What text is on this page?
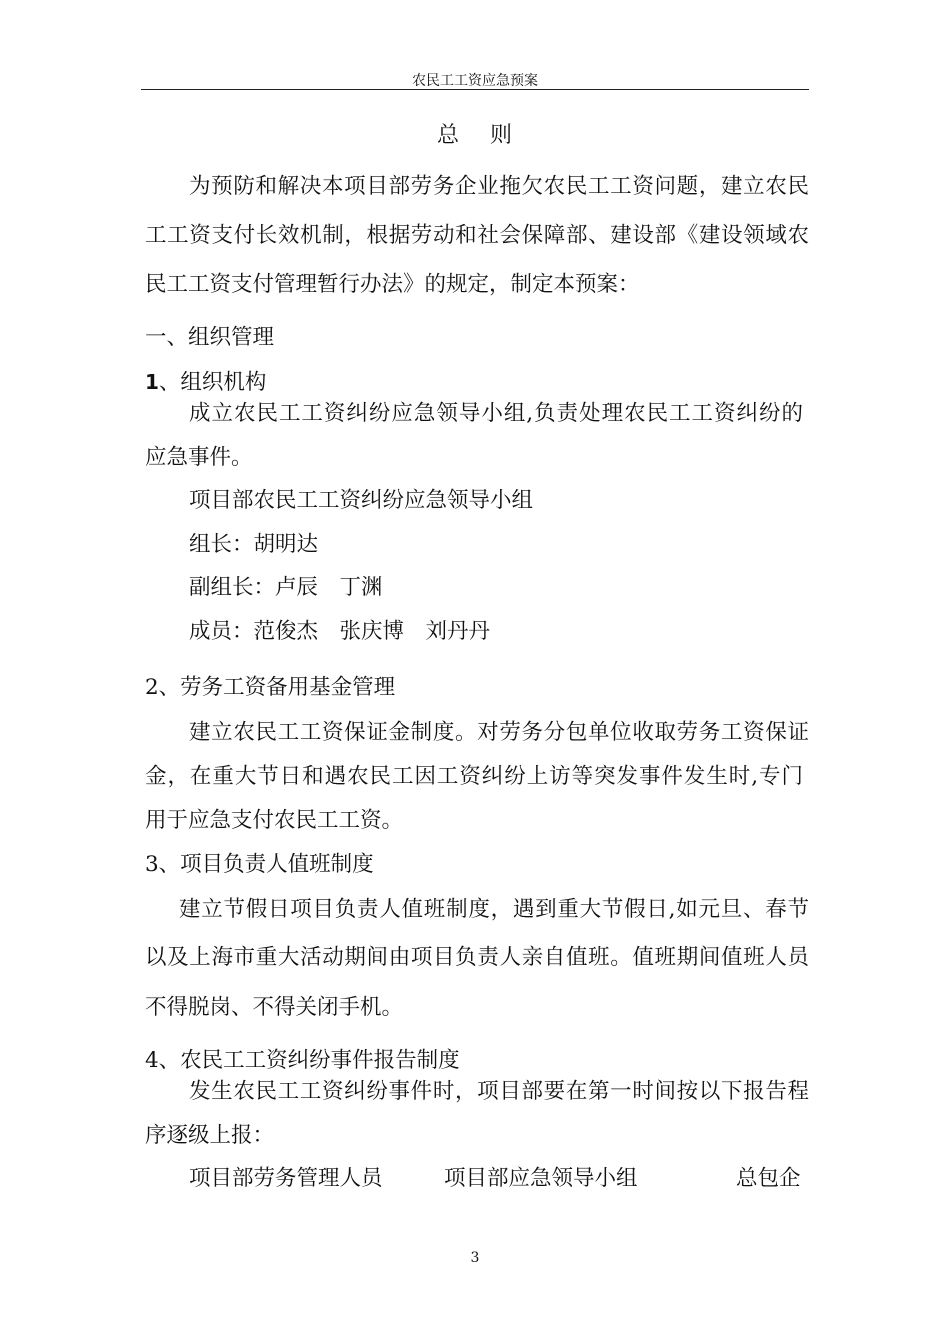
农民工工资应急预案
总 则
为预防和解决本项目部劳务企业拖欠农民工工资问题，建立农民
工工资支付长效机制，根据劳动和社会保障部、建设部《建设领域农
民工工资支付管理暂行办法》的规定，制定本预案：
一、组织管理
1、组织机构
成立农民工工资纠纷应急领导小组,负责处理农民工工资纠纷的
应急事件。
项目部农民工工资纠纷应急领导小组
组长：胡明达
副组长：卢辰　丁渊
成员：范俊杰　张庆博　刘丹丹
2、劳务工资备用基金管理
建立农民工工资保证金制度。对劳务分包单位收取劳务工资保证
金，在重大节日和遇农民工因工资纠纷上访等突发事件发生时,专门
用于应急支付农民工工资。
3、项目负责人值班制度
建立节假日项目负责人值班制度，遇到重大节假日,如元旦、春节
以及上海市重大活动期间由项目负责人亲自值班。值班期间值班人员
不得脱岗、不得关闭手机。
4、农民工工资纠纷事件报告制度
发生农民工工资纠纷事件时，项目部要在第一时间按以下报告程
序逐级上报：
项目部劳务管理人员	项目部应急领导小组	总包企
3
